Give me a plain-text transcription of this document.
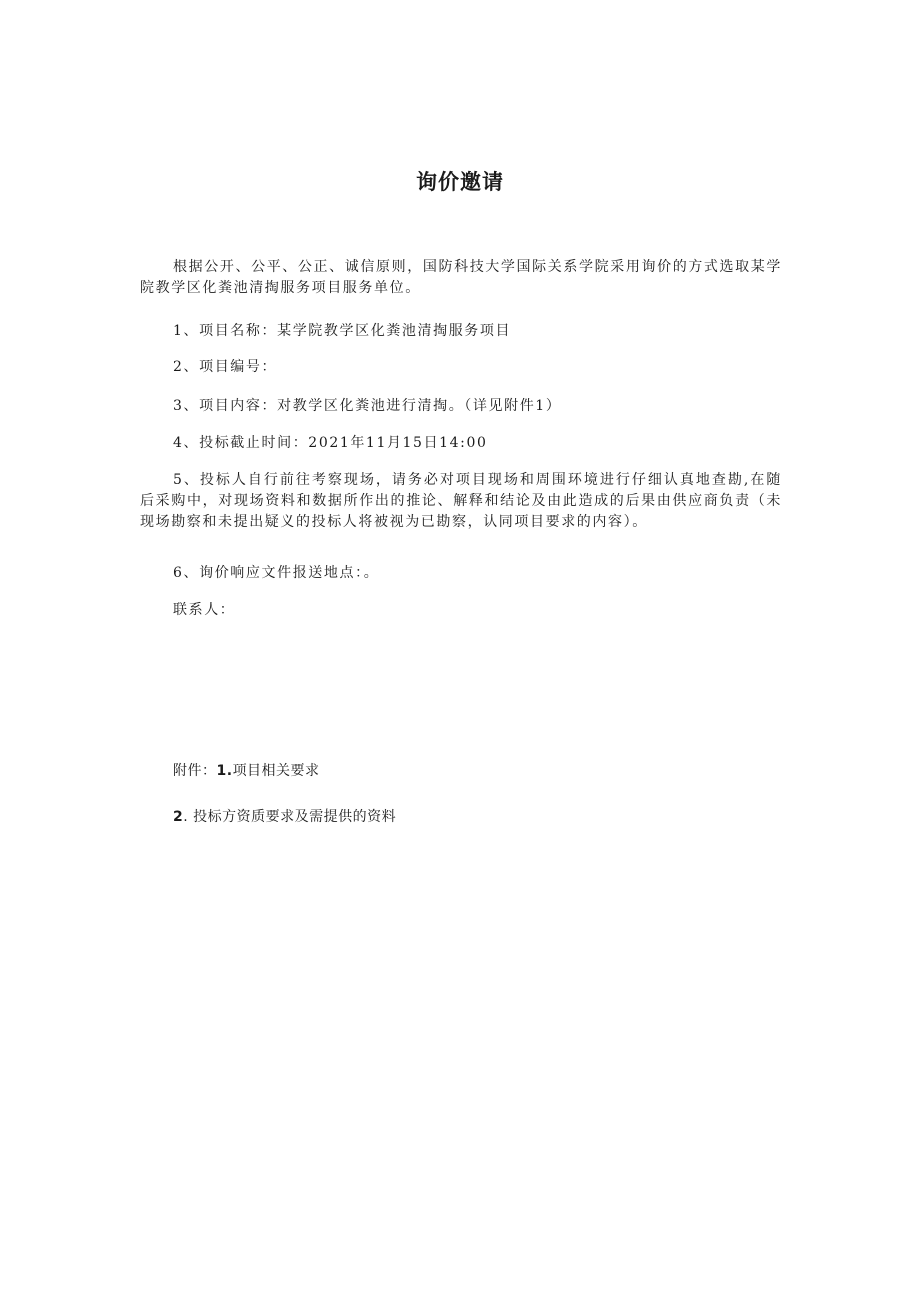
询价邀请

根据公开、公平、公正、诚信原则，国防科技大学国际关系学院采用询价的方式选取某学院教学区化粪池清掏服务项目服务单位。

1、项目名称：某学院教学区化粪池清掏服务项目

2、项目编号：

3、项目内容：对教学区化粪池进行清掏。（详见附件1）

4、投标截止时间：2021年11月15日14:00

5、投标人自行前往考察现场，请务必对项目现场和周围环境进行仔细认真地查勘,在随后采购中，对现场资料和数据所作出的推论、解释和结论及由此造成的后果由供应商负责（未现场勘察和未提出疑义的投标人将被视为已勘察，认同项目要求的内容）。

6、询价响应文件报送地点：。

联系人：

附件：1.项目相关要求

2. 投标方资质要求及需提供的资料
